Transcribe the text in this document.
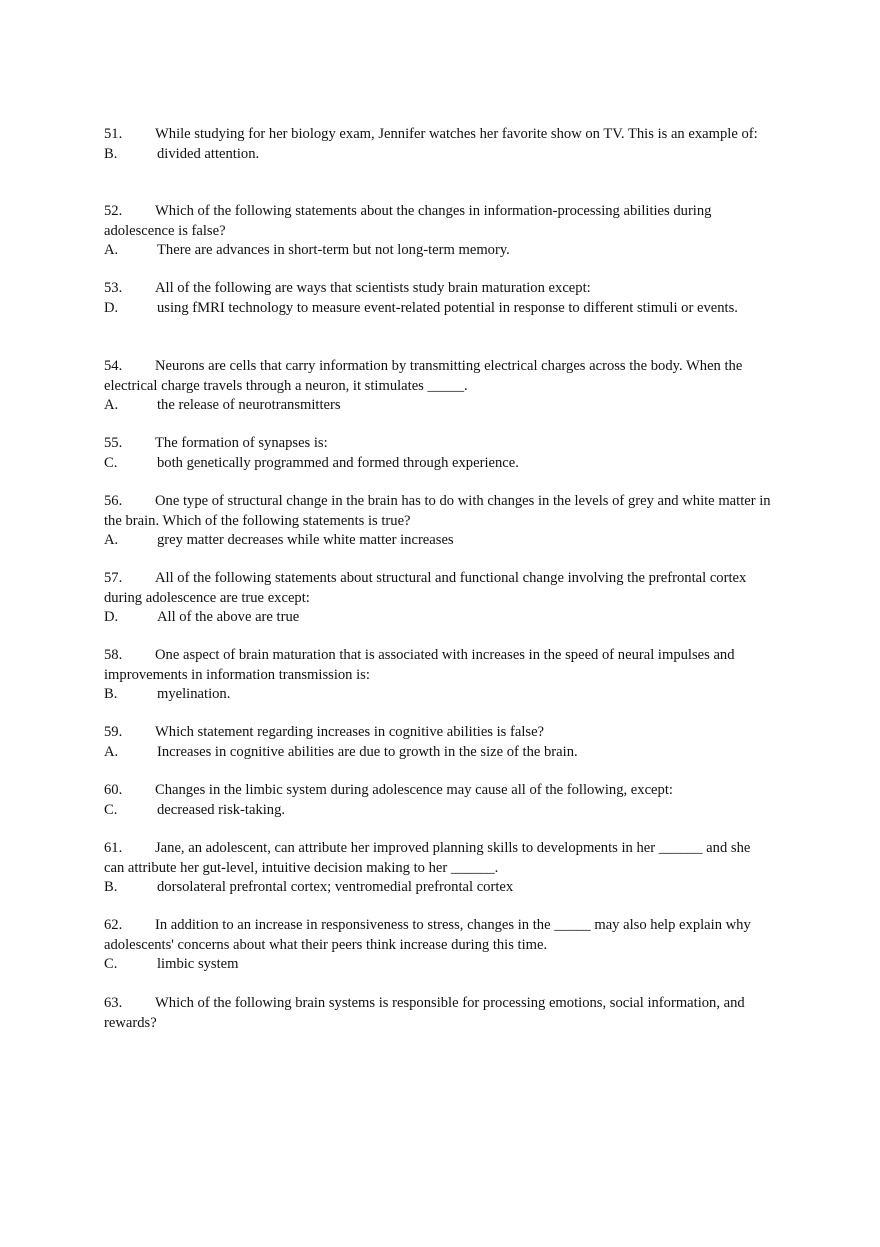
51. While studying for her biology exam, Jennifer watches her favorite show on TV. This is an example of:

B.	divided attention.

52. Which of the following statements about the changes in information-processing abilities during adolescence is false?

A.	There are advances in short-term but not long-term memory.

53. All of the following are ways that scientists study brain maturation except:

D.	using fMRI technology to measure event-related potential in response to different stimuli or events.

54. Neurons are cells that carry information by transmitting electrical charges across the body. When the electrical charge travels through a neuron, it stimulates _____.

A.	the release of neurotransmitters

55. The formation of synapses is:

C.	both genetically programmed and formed through experience.

56. One type of structural change in the brain has to do with changes in the levels of grey and white matter in the brain. Which of the following statements is true?

A.	grey matter decreases while white matter increases

57. All of the following statements about structural and functional change involving the prefrontal cortex during adolescence are true except:

D.	All of the above are true

58. One aspect of brain maturation that is associated with increases in the speed of neural impulses and improvements in information transmission is:

B.	myelination.

59. Which statement regarding increases in cognitive abilities is false?

A.	Increases in cognitive abilities are due to growth in the size of the brain.

60. Changes in the limbic system during adolescence may cause all of the following, except:

C.	decreased risk-taking.

61. Jane, an adolescent, can attribute her improved planning skills to developments in her ______ and she can attribute her gut-level, intuitive decision making to her ______.

B.	dorsolateral prefrontal cortex; ventromedial prefrontal cortex

62. In addition to an increase in responsiveness to stress, changes in the _____ may also help explain why adolescents' concerns about what their peers think increase during this time.

C.	limbic system

63. Which of the following brain systems is responsible for processing emotions, social information, and rewards?
